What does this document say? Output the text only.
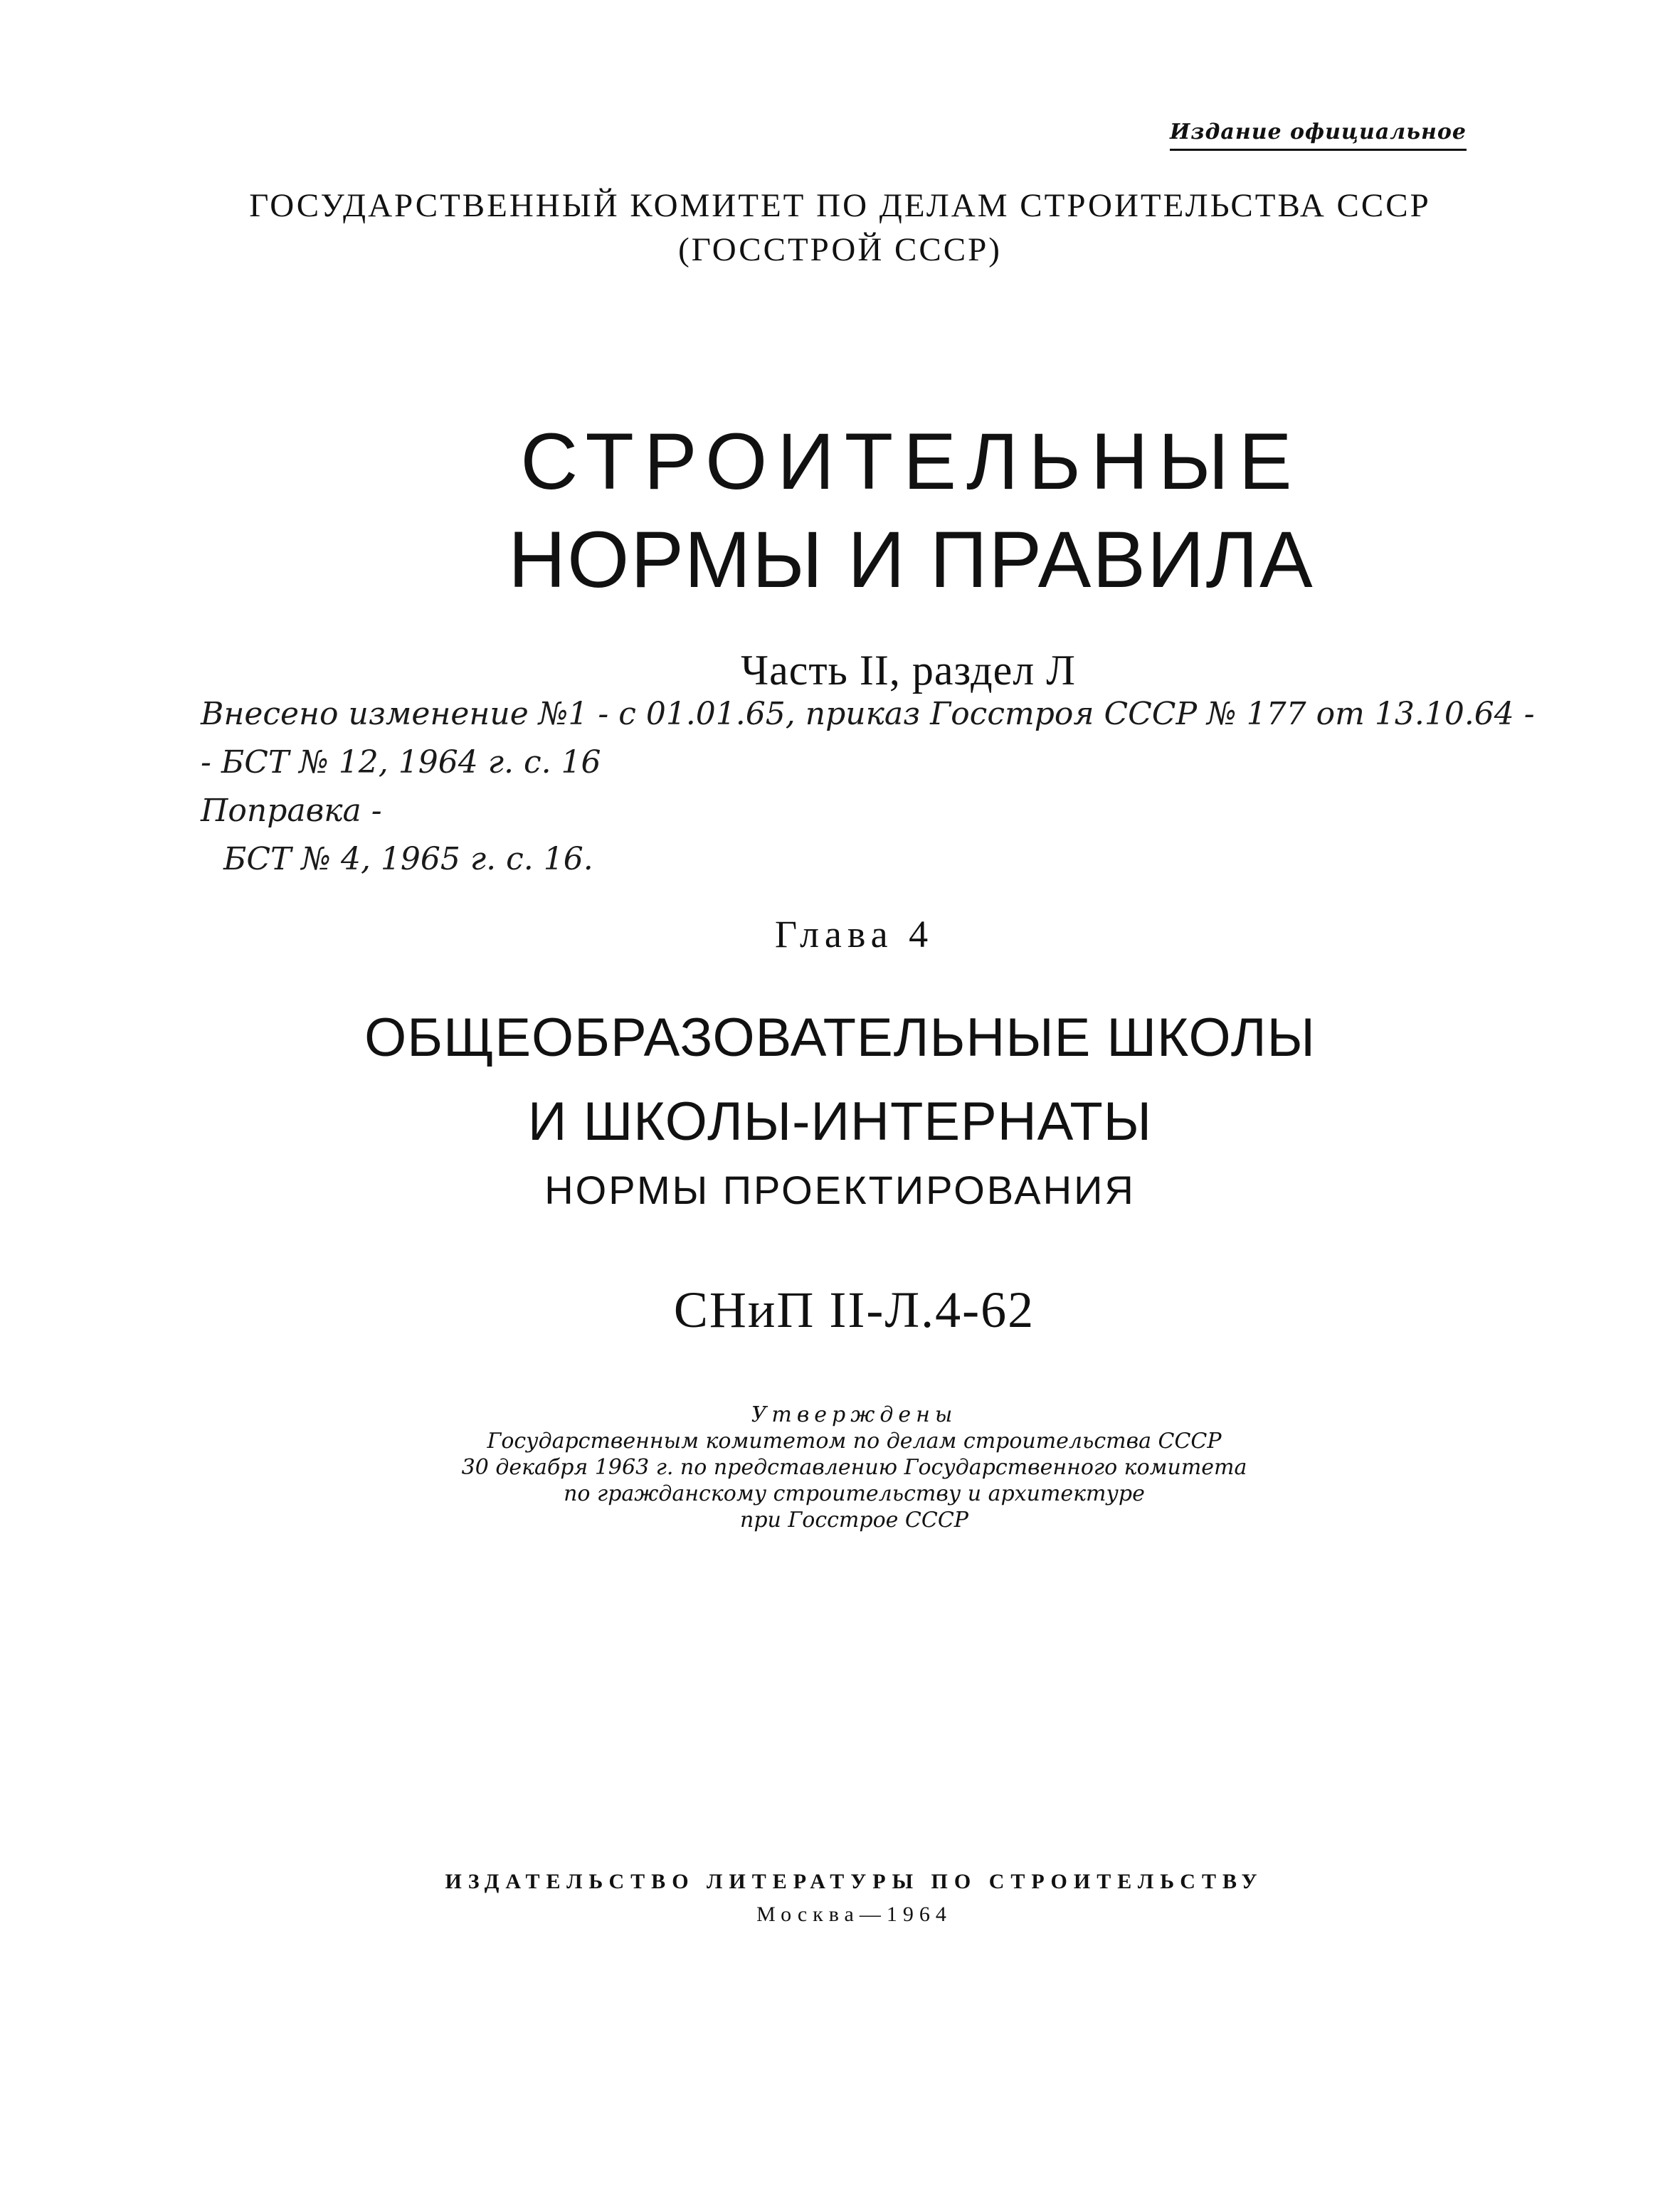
Издание официальное
ГОСУДАРСТВЕННЫЙ КОМИТЕТ ПО ДЕЛАМ СТРОИТЕЛЬСТВА СССР
(ГОССТРОЙ СССР)
СТРОИТЕЛЬНЫЕ
НОРМЫ И ПРАВИЛА
Часть II, раздел Л
Внесено изменение №1 - с 01.01.65, приказ Госстроя СССР № 177 от 13.10.64 -
- БСТ № 12, 1964 г. с. 16
Поправка -
БСТ № 4, 1965 г. с. 16.
Глава 4
ОБЩЕОБРАЗОВАТЕЛЬНЫЕ ШКОЛЫ
И ШКОЛЫ-ИНТЕРНАТЫ
НОРМЫ ПРОЕКТИРОВАНИЯ
СНиП II-Л.4-62
Утверждены
Государственным комитетом по делам строительства СССР
30 декабря 1963 г. по представлению Государственного комитета
по гражданскому строительству и архитектуре
при Госстрое СССР
ИЗДАТЕЛЬСТВО ЛИТЕРАТУРЫ ПО СТРОИТЕЛЬСТВУ
Москва—1964
